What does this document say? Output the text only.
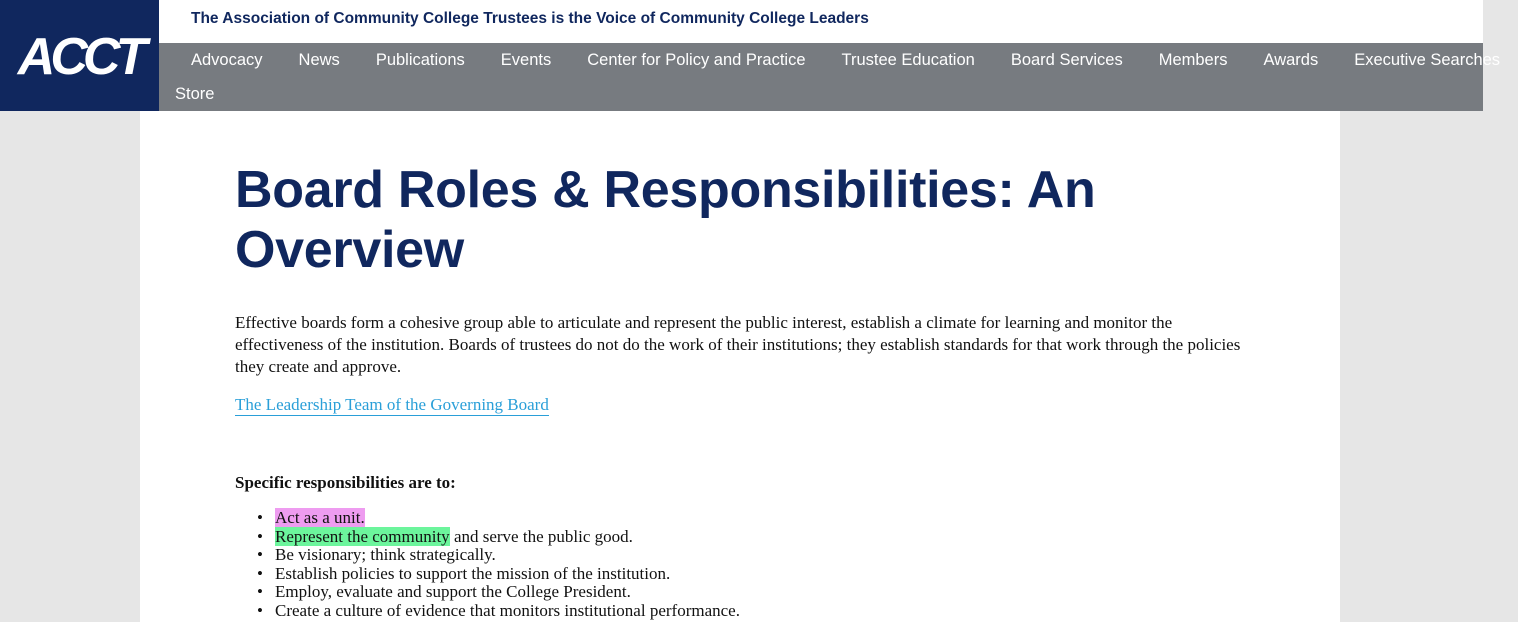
ACCT
The Association of Community College Trustees is the Voice of Community College Leaders
Advocacy	News	Publications	Events	Center for Policy and Practice	Trustee Education	Board Services	Members	Awards	Executive Searches
Store
Board Roles & Responsibilities: An Overview

Effective boards form a cohesive group able to articulate and represent the public interest, establish a climate for learning and monitor the effectiveness of the institution. Boards of trustees do not do the work of their institutions; they establish standards for that work through the policies they create and approve.

The Leadership Team of the Governing Board

Specific responsibilities are to:

• Act as a unit.
• Represent the community and serve the public good.
• Be visionary; think strategically.
• Establish policies to support the mission of the institution.
• Employ, evaluate and support the College President.
• Create a culture of evidence that monitors institutional performance.
